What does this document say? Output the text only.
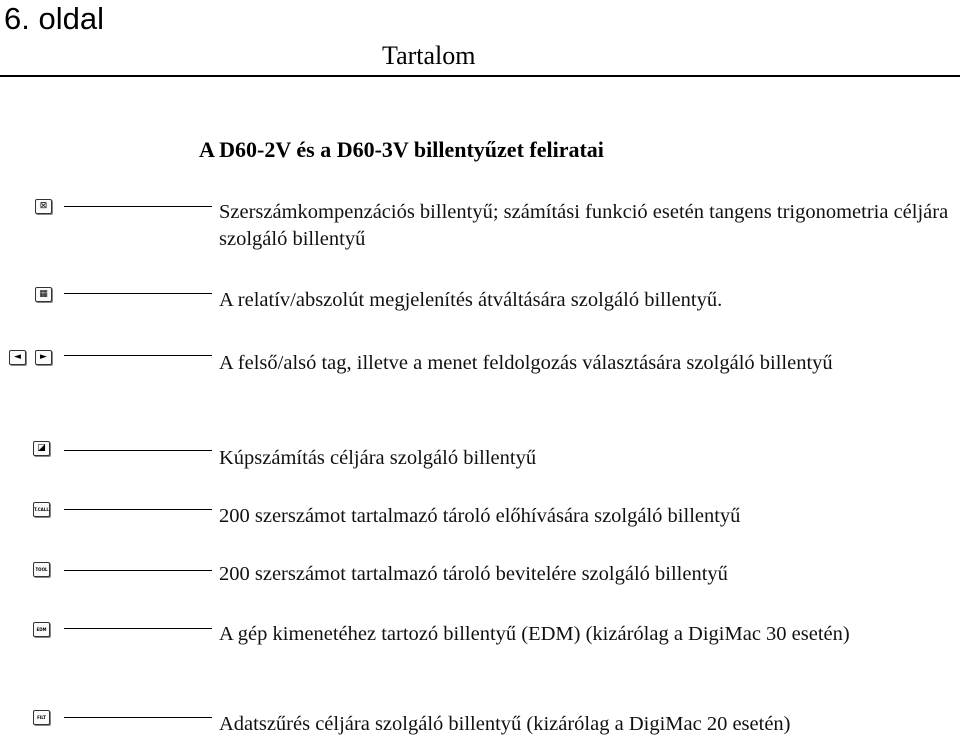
6. oldal
Tartalom
A D60-2V és a D60-3V billentyűzet feliratai
⊠	Szerszámkompenzációs billentyű; számítási funkció esetén tangens trigonometria céljára szolgáló billentyű
▦	A relatív/abszolút megjelenítés átváltására szolgáló billentyű.
◄	►	A felső/alsó tag, illetve a menet feldolgozás választására szolgáló billentyű
◪	Kúpszámítás céljára szolgáló billentyű
T.CALL	200 szerszámot tartalmazó tároló előhívására szolgáló billentyű
TOOL	200 szerszámot tartalmazó tároló bevitelére szolgáló billentyű
EDM	A gép kimenetéhez tartozó billentyű (EDM) (kizárólag a DigiMac 30 esetén)
FILT	Adatszűrés céljára szolgáló billentyű (kizárólag a DigiMac 20 esetén)
